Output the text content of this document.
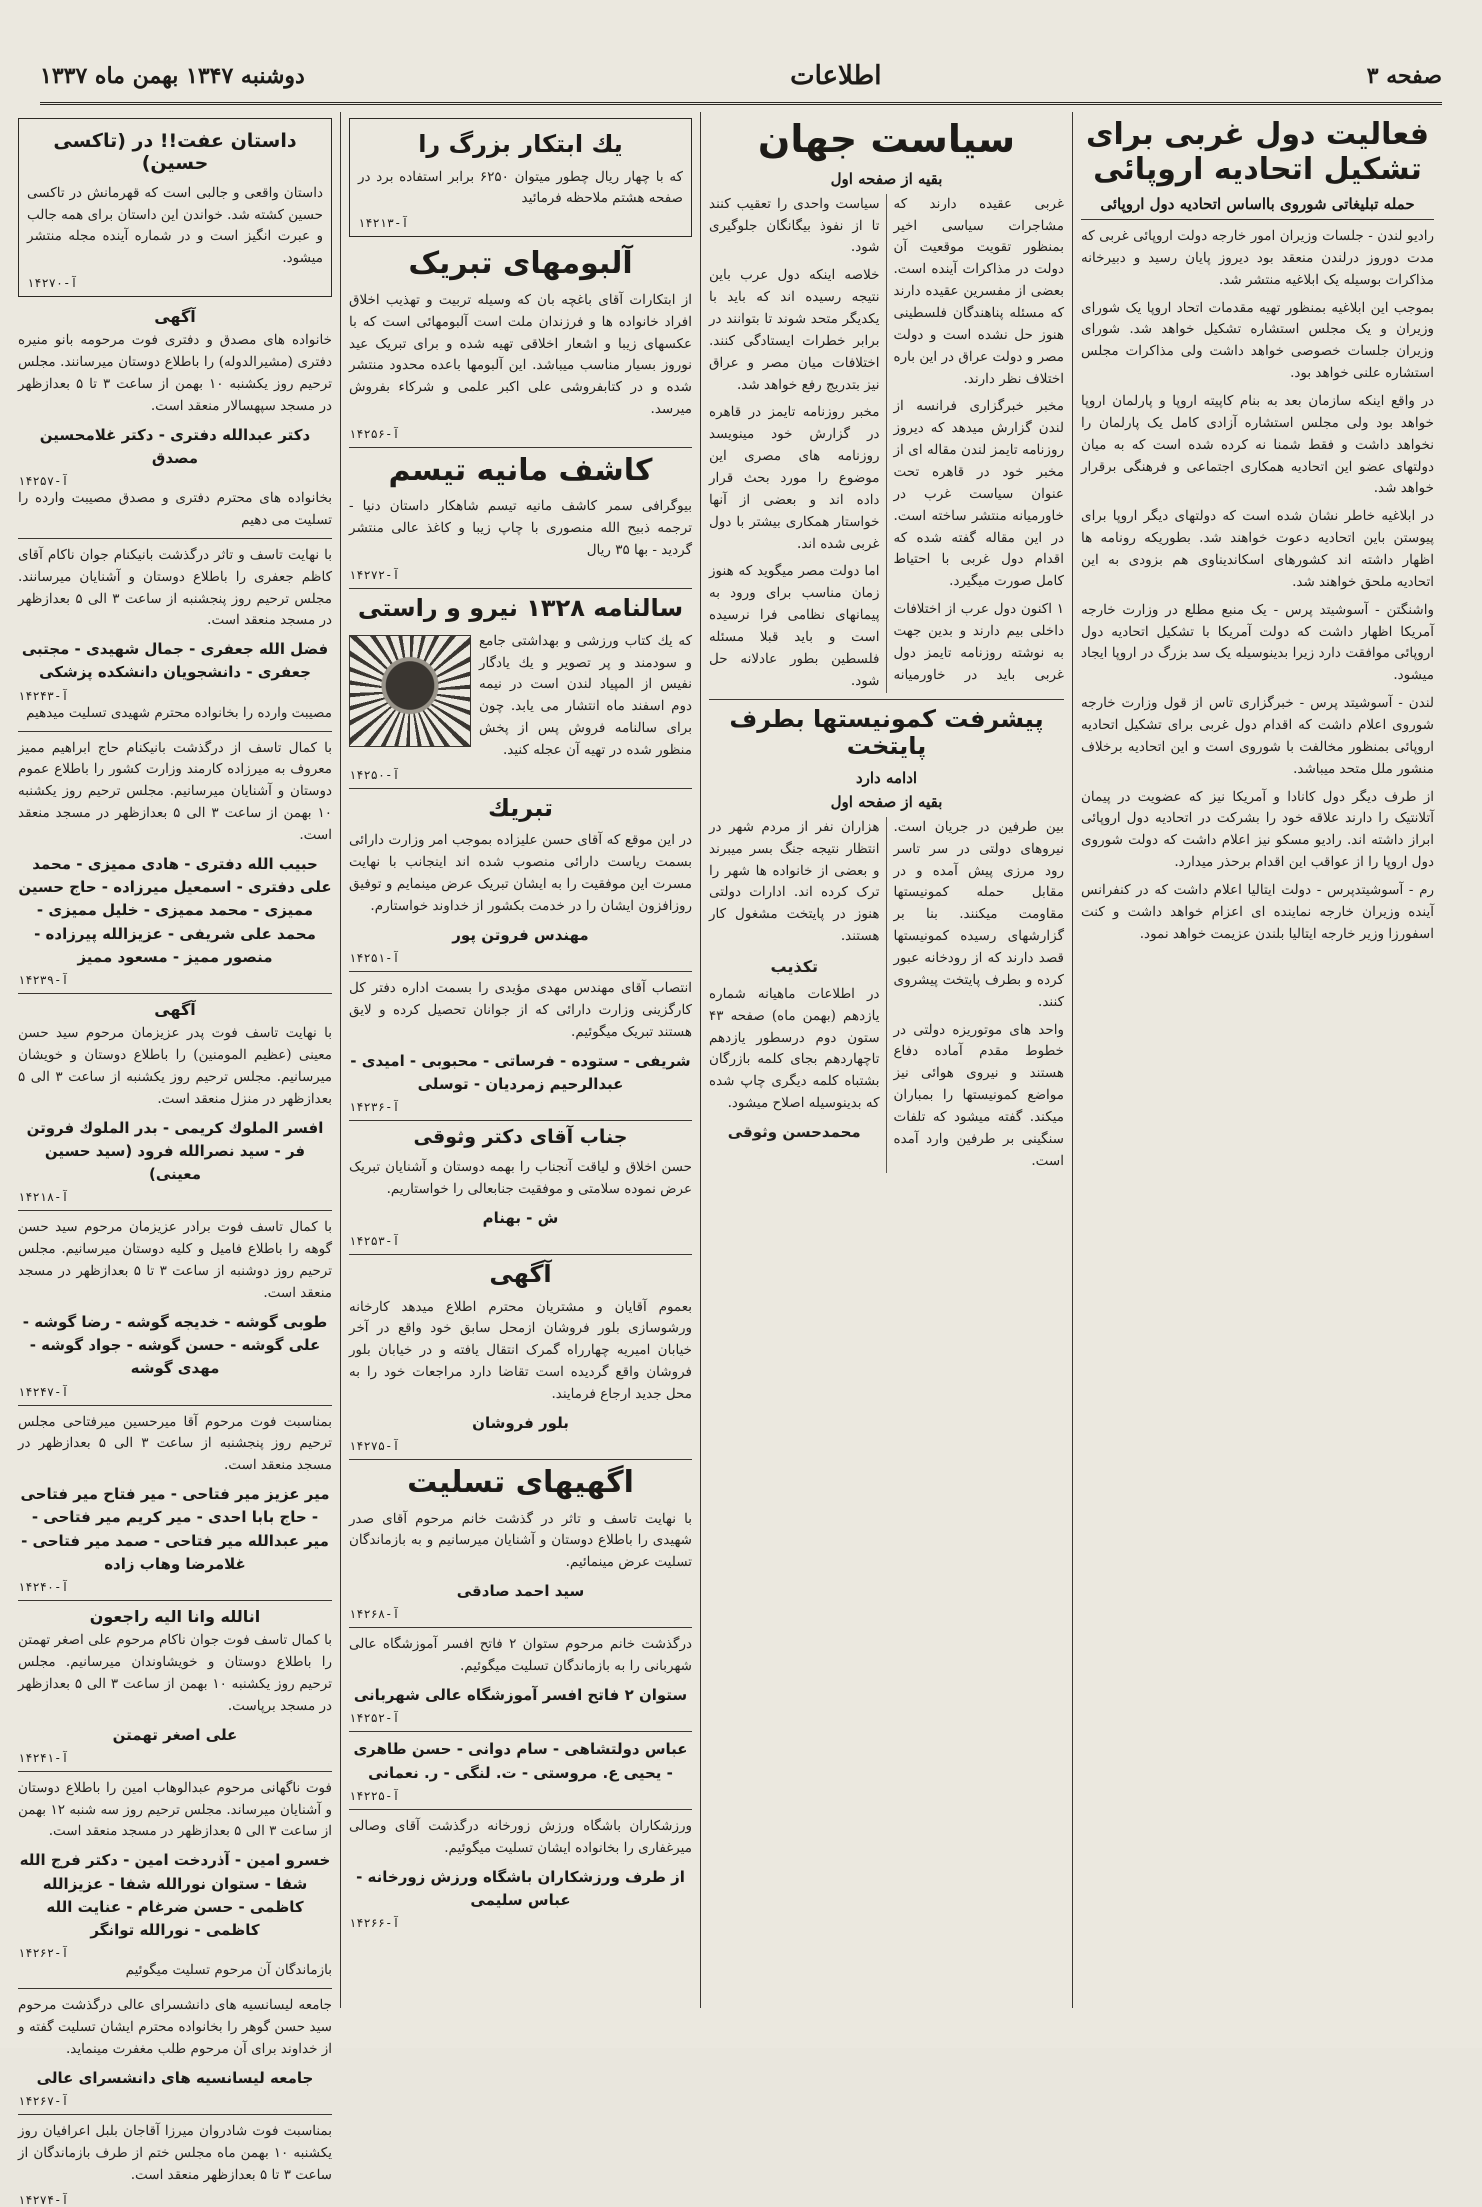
صفحه ۳
اطلاعات
دوشنبه ۱۳۴۷ بهمن ماه ۱۳۳۷
فعالیت دول غربی برای تشکیل اتحادیه اروپائی
حمله تبلیغاتی شوروی بااساس اتحادیه دول اروپائی

رادیو لندن - جلسات وزیران امور خارجه دولت اروپائی غربی که مدت دوروز درلندن منعقد بود دیروز پایان رسید و دبیرخانه مذاکرات بوسیله یک ابلاغیه منتشر شد.

بموجب این ابلاغیه بمنظور تهیه مقدمات اتحاد اروپا یک شورای وزیران و یک مجلس استشاره تشکیل خواهد شد. شورای وزیران جلسات خصوصی خواهد داشت ولی مذاکرات مجلس استشاره علنی خواهد بود.

در واقع اینکه سازمان بعد به بنام کاپیته اروپا و پارلمان اروپا خواهد بود ولی مجلس استشاره آزادی کامل یک پارلمان را نخواهد داشت و فقط شمنا نه کرده شده است که به میان دولتهای عضو این اتحادیه همکاری اجتماعی و فرهنگی برقرار خواهد شد.

در ابلاغیه خاطر نشان شده است که دولتهای دیگر اروپا برای پیوستن باین اتحادیه دعوت خواهند شد. بطوریکه رونامه ها اظهار داشته اند کشورهای اسکاندیناوی هم بزودی به این اتحادیه ملحق خواهند شد.

واشنگتن - آسوشیتد پرس - یک منبع مطلع در وزارت خارجه آمریکا اظهار داشت که دولت آمریکا با تشکیل اتحادیه دول اروپائی موافقت دارد زیرا بدینوسیله یک سد بزرگ در اروپا ایجاد میشود.

لندن - آسوشیتد پرس - خبرگزاری تاس از قول وزارت خارجه شوروی اعلام داشت که اقدام دول غربی برای تشکیل اتحادیه اروپائی بمنظور مخالفت با شوروی است و این اتحادیه برخلاف منشور ملل متحد میباشد.

از طرف دیگر دول کانادا و آمریکا نیز که عضویت در پیمان آتلانتیک را دارند علاقه خود را بشرکت در اتحادیه دول اروپائی ابراز داشته اند. رادیو مسکو نیز اعلام داشت که دولت شوروی دول اروپا را از عواقب این اقدام برحذر میدارد.

رم - آسوشیتدپرس - دولت ایتالیا اعلام داشت که در کنفرانس آینده وزیران خارجه نماینده ای اعزام خواهد داشت و کنت اسفورزا وزیر خارجه ایتالیا بلندن عزیمت خواهد نمود.

سیاست جهان
بقیه از صفحه اول

غربی عقیده دارند که مشاجرات سیاسی اخیر بمنظور تقویت موقعیت آن دولت در مذاکرات آینده است. بعضی از مفسرین عقیده دارند که مسئله پناهندگان فلسطینی هنوز حل نشده است و دولت مصر و دولت عراق در این باره اختلاف نظر دارند.

مخبر خبرگزاری فرانسه از لندن گزارش میدهد که دیروز روزنامه تایمز لندن مقاله ای از مخبر خود در قاهره تحت عنوان سیاست غرب در خاورمیانه منتشر ساخته است. در این مقاله گفته شده که اقدام دول غربی با احتیاط کامل صورت میگیرد.

۱ اکنون دول عرب از اختلافات داخلی بیم دارند و بدین جهت به نوشته روزنامه تایمز دول غربی باید در خاورمیانه سیاست واحدی را تعقیب کنند تا از نفوذ بیگانگان جلوگیری شود.

خلاصه اینکه دول عرب باین نتیجه رسیده اند که باید با یکدیگر متحد شوند تا بتوانند در برابر خطرات ایستادگی کنند. اختلافات میان مصر و عراق نیز بتدریج رفع خواهد شد.

مخبر روزنامه تایمز در قاهره در گزارش خود مینویسد روزنامه های مصری این موضوع را مورد بحث قرار داده اند و بعضی از آنها خواستار همکاری بیشتر با دول غربی شده اند.

اما دولت مصر میگوید که هنوز زمان مناسب برای ورود به پیمانهای نظامی فرا نرسیده است و باید قبلا مسئله فلسطین بطور عادلانه حل شود.

پیشرفت کمونیستها بطرف پایتخت
ادامه دارد
بقیه از صفحه اول

بین طرفین در جریان است. نیروهای دولتی در سر تاسر رود مرزی پیش آمده و در مقابل حمله کمونیستها مقاومت میکنند. بنا بر گزارشهای رسیده کمونیستها قصد دارند که از رودخانه عبور کرده و بطرف پایتخت پیشروی کنند.

واحد های موتوریزه دولتی در خطوط مقدم آماده دفاع هستند و نیروی هوائی نیز مواضع کمونیستها را بمباران میکند. گفته میشود که تلفات سنگینی بر طرفین وارد آمده است.

هزاران نفر از مردم شهر در انتظار نتیجه جنگ بسر میبرند و بعضی از خانواده ها شهر را ترک کرده اند. ادارات دولتی هنوز در پایتخت مشغول کار هستند.

تکذیب

در اطلاعات ماهیانه شماره یازدهم (بهمن ماه) صفحه ۴۳ ستون دوم درسطور یازدهم تاچهاردهم بجای کلمه بازرگان بشتباه کلمه دیگری چاپ شده که بدینوسیله اصلاح میشود.

محمدحسن وثوقی
یك ابتكار بزرگ را

که با چهار ریال چطور میتوان ۶۲۵۰ برابر استفاده برد در صفحه هشتم ملاحظه فرمائید

۱۴۲۱۳-آ
آلبومهای تبریک

از ابتکارات آقای باغچه بان که وسیله تربیت و تهذیب اخلاق افراد خانواده ها و فرزندان ملت است آلبومهائی است که با عکسهای زیبا و اشعار اخلاقی تهیه شده و برای تبریک عید نوروز بسیار مناسب میباشد. این آلبومها باعده محدود منتشر شده و در کتابفروشی علی اکبر علمی و شرکاء بفروش میرسد.

۱۴۲۵۶-آ
کاشف مانیه تیسم

بیوگرافی سمر کاشف مانیه تیسم شاهکار داستان دنیا - ترجمه ذبیح الله منصوری با چاپ زیبا و کاغذ عالی منتشر گردید - بها ۳۵ ریال

۱۴۲۷۲-آ
سالنامه ۱۳۲۸ نیرو و راستی

که یك کتاب ورزشی و بهداشتی جامع و سودمند و پر تصویر و یك یادگار نفیس از المپیاد لندن است در نیمه دوم اسفند ماه انتشار می یابد. چون برای سالنامه فروش پس از پخش منظور شده در تهیه آن عجله کنید.

۱۴۲۵۰-آ
تبریك

در این موقع که آقای حسن علیزاده بموجب امر وزارت دارائی بسمت ریاست دارائی منصوب شده اند اینجانب با نهایت مسرت این موفقیت را به ایشان تبریک عرض مینمایم و توفیق روزافزون ایشان را در خدمت بکشور از خداوند خواستارم.

مهندس فروتن پور
۱۴۲۵۱-آ

انتصاب آقای مهندس مهدی مؤیدی را بسمت اداره دفتر کل کارگزینی وزارت دارائی که از جوانان تحصیل کرده و لایق هستند تبریک میگوئیم.

شریفی - ستوده - فرساتی - محبوبی - امیدی - عبدالرحیم زمردیان - توسلی
۱۴۲۳۶-آ
جناب آقای دکتر وثوقی

حسن اخلاق و لیاقت آنجناب را بهمه دوستان و آشنایان تبریک عرض نموده سلامتی و موفقیت جنابعالی را خواستاریم.

ش - بهنام
۱۴۲۵۳-آ
آگهی

بعموم آقایان و مشتریان محترم اطلاع میدهد کارخانه ورشوسازی بلور فروشان ازمحل سابق خود واقع در آخر خیابان امیریه چهارراه گمرک انتقال یافته و در خیابان بلور فروشان واقع گردیده است تقاضا دارد مراجعات خود را به محل جدید ارجاع فرمایند.

بلور فروشان
۱۴۲۷۵-آ
اگهیهای تسلیت

با نهایت تاسف و تاثر در گذشت خانم مرحوم آقای صدر شهیدی را باطلاع دوستان و آشنایان میرسانیم و به بازماندگان تسلیت عرض مینمائیم.

سید احمد صادقی
۱۴۲۶۸-آ

درگذشت خانم مرحوم ستوان ۲ فاتح افسر آموزشگاه عالی شهربانی را به بازماندگان تسلیت میگوئیم.

ستوان ۲ فاتح افسر آموزشگاه عالی شهربانی
۱۴۲۵۲-آ
عباس دولتشاهی - سام دوانی - حسن طاهری - یحیی ع. مروستی - ت. لنگی - ر. نعمانی
۱۴۲۲۵-آ

ورزشکاران باشگاه ورزش زورخانه درگذشت آقای وصالی میرغفاری را بخانواده ایشان تسلیت میگوئیم.

از طرف ورزشکاران باشگاه ورزش زورخانه - عباس سلیمی
۱۴۲۶۶-آ
داستان عفت!! در (تاکسی حسین)

داستان واقعی و جالبی است که قهرمانش در تاکسی حسین کشته شد. خواندن این داستان برای همه جالب و عبرت انگیز است و در شماره آینده مجله منتشر میشود.

۱۴۲۷۰-آ
آگهی

خانواده های مصدق و دفتری فوت مرحومه بانو منیره دفتری (مشیرالدوله) را باطلاع دوستان میرسانند. مجلس ترحیم روز یکشنبه ۱۰ بهمن از ساعت ۳ تا ۵ بعدازظهر در مسجد سپهسالار منعقد است.

دکتر عبدالله دفتری - دکتر غلامحسین مصدق
۱۴۲۵۷-آ

بخانواده های محترم دفتری و مصدق مصیبت وارده را تسلیت می دهیم

با نهایت تاسف و تاثر درگذشت بانیکنام جوان ناکام آقای کاظم جعفری را باطلاع دوستان و آشنایان میرسانند. مجلس ترحیم روز پنجشنبه از ساعت ۳ الی ۵ بعدازظهر در مسجد منعقد است.

فضل الله جعفری - جمال شهیدی - مجتبی جعفری - دانشجویان دانشکده پزشکی
۱۴۲۴۳-آ

مصیبت وارده را بخانواده محترم شهیدی تسلیت میدهیم

با کمال تاسف از درگذشت بانیکنام حاج ابراهیم ممیز معروف به میرزاده کارمند وزارت کشور را باطلاع عموم دوستان و آشنایان میرسانیم. مجلس ترحیم روز یکشنبه ۱۰ بهمن از ساعت ۳ الی ۵ بعدازظهر در مسجد منعقد است.

حبیب الله دفتری - هادی ممیزی - محمد علی دفتری - اسمعیل میرزاده - حاج حسین ممیزی - محمد ممیزی - خلیل ممیزی - محمد علی شریفی - عزیزالله پیرزاده - منصور ممیز - مسعود ممیز
۱۴۲۳۹-آ
آگهی

با نهایت تاسف فوت پدر عزیزمان مرحوم سید حسن معینی (عظیم المومنین) را باطلاع دوستان و خویشان میرسانیم. مجلس ترحیم روز یکشنبه از ساعت ۳ الی ۵ بعدازظهر در منزل منعقد است.

افسر الملوك کریمی - بدر الملوك فروتن فر - سید نصرالله فرود (سید حسین معینی)
۱۴۲۱۸-آ

با کمال تاسف فوت برادر عزیزمان مرحوم سید حسن گوهه را باطلاع فامیل و کلیه دوستان میرسانیم. مجلس ترحیم روز دوشنبه از ساعت ۳ تا ۵ بعدازظهر در مسجد منعقد است.

طوبی گوشه - خدیجه گوشه - رضا گوشه - علی گوشه - حسن گوشه - جواد گوشه - مهدی گوشه
۱۴۲۴۷-آ

بمناسبت فوت مرحوم آقا میرحسین میرفتاحی مجلس ترحیم روز پنجشنبه از ساعت ۳ الی ۵ بعدازظهر در مسجد منعقد است.

میر عزیز میر فتاحی - میر فتاح میر فتاحی - حاج بابا احدی - میر کریم میر فتاحی - میر عبدالله میر فتاحی - صمد میر فتاحی - غلامرضا وهاب زاده
۱۴۲۴۰-آ
انالله وانا الیه راجعون

با کمال تاسف فوت جوان ناکام مرحوم علی اصغر تهمتن را باطلاع دوستان و خویشاوندان میرسانیم. مجلس ترحیم روز یکشنبه ۱۰ بهمن از ساعت ۳ الی ۵ بعدازظهر در مسجد برپاست.

علی اصغر تهمتن
۱۴۲۴۱-آ

فوت ناگهانی مرحوم عبدالوهاب امین را باطلاع دوستان و آشنایان میرساند. مجلس ترحیم روز سه شنبه ۱۲ بهمن از ساعت ۳ الی ۵ بعدازظهر در مسجد منعقد است.

خسرو امین - آذردخت امین - دکتر فرج الله شفا - ستوان نورالله شفا - عزیزالله کاظمی - حسن ضرغام - عنایت الله کاظمی - نورالله توانگر
۱۴۲۶۲-آ

بازماندگان آن مرحوم تسلیت میگوئیم

جامعه لیسانسیه های دانشسرای عالی درگذشت مرحوم سید حسن گوهر را بخانواده محترم ایشان تسلیت گفته و از خداوند برای آن مرحوم طلب مغفرت مینماید.

جامعه لیسانسیه های دانشسرای عالی
۱۴۲۶۷-آ

بمناسبت فوت شادروان میرزا آقاجان بلبل اعرافیان روز یکشنبه ۱۰ بهمن ماه مجلس ختم از طرف بازماندگان از ساعت ۳ تا ۵ بعدازظهر منعقد است.

۱۴۲۷۴-آ
